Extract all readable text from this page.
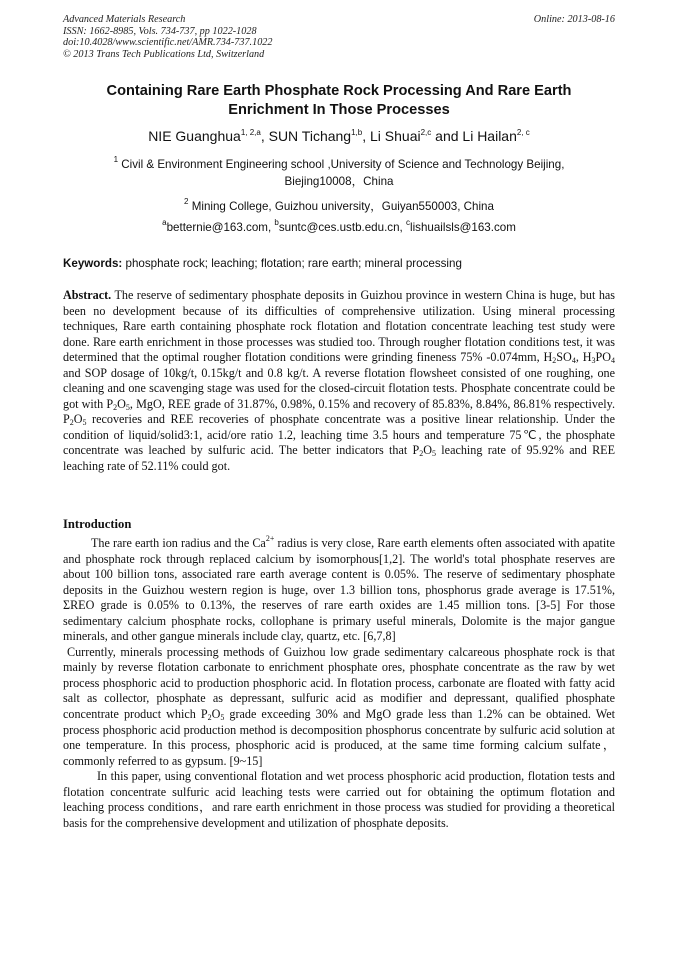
Advanced Materials Research
ISSN: 1662-8985, Vols. 734-737, pp 1022-1028
doi:10.4028/www.scientific.net/AMR.734-737.1022
© 2013 Trans Tech Publications Ltd, Switzerland
Online: 2013-08-16
Containing Rare Earth Phosphate Rock Processing And Rare Earth
Enrichment In Those Processes
NIE Guanghua$^{1, 2,a}$, SUN Tichang$^{1,b}$, Li Shuai$^{2,c}$ and Li Hailan$^{2, c}$
$^1$ Civil & Environment Engineering school ,University of Science and Technology Beijing,
Biejing10008，China
$^2$ Mining College, Guizhou university，Guiyan550003, China
$^a$betternie@163.com, $^b$suntc@ces.ustb.edu.cn, $^c$lishuailsls@163.com
Keywords: phosphate rock; leaching; flotation; rare earth; mineral processing
Abstract. The reserve of sedimentary phosphate deposits in Guizhou province in western China is huge, but has been no development because of its difficulties of comprehensive utilization. Using mineral processing techniques, Rare earth containing phosphate rock flotation and flotation concentrate leaching test study were done. Rare earth enrichment in those processes was studied too. Through rougher flotation conditions test, it was determined that the optimal rougher flotation conditions were grinding fineness 75% -0.074mm, $H_2SO_4$, $H_3PO_4$ and SOP dosage of 10kg/t, 0.15kg/t and 0.8 kg/t. A reverse flotation flowsheet consisted of one roughing, one cleaning and one scavenging stage was used for the closed-circuit flotation tests. Phosphate concentrate could be got with $P_2O_5$, MgO, REE grade of 31.87%, 0.98%, 0.15% and recovery of 85.83%, 8.84%, 86.81% respectively. $P_2O_5$ recoveries and REE recoveries of phosphate concentrate was a positive linear relationship. Under the condition of liquid/solid3:1, acid/ore ratio 1.2, leaching time 3.5 hours and temperature 75℃, the phosphate concentrate was leached by sulfuric acid. The better indicators that $P_2O_5$ leaching rate of 95.92% and REE leaching rate of 52.11% could got.
Introduction

The rare earth ion radius and the $Ca^{2+}$ radius is very close, Rare earth elements often associated with apatite and phosphate rock through replaced calcium by isomorphous[1,2]. The world's total phosphate reserves are about 100 billion tons, associated rare earth average content is 0.05%. The reserve of sedimentary phosphate deposits in the Guizhou western region is huge, over 1.3 billion tons, phosphorus grade average is 17.51%, ΣREO grade is 0.05% to 0.13%, the reserves of rare earth oxides are 1.45 million tons. [3-5] For those sedimentary calcium phosphate rocks, collophane is primary useful minerals, Dolomite is the major gangue minerals, and other gangue minerals include clay, quartz, etc. [6,7,8]

Currently, minerals processing methods of Guizhou low grade sedimentary calcareous phosphate rock is that mainly by reverse flotation carbonate to enrichment phosphate ores, phosphate concentrate as the raw by wet process phosphoric acid to production phosphoric acid. In flotation process, carbonate are floated with fatty acid salt as collector, phosphate as depressant, sulfuric acid as modifier and depressant, qualified phosphate concentrate product which $P_2O_5$ grade exceeding 30% and MgO grade less than 1.2% can be obtained. Wet process phosphoric acid production method is decomposition phosphorus concentrate by sulfuric acid solution at one temperature. In this process, phosphoric acid is produced, at the same time forming calcium sulfate，commonly referred to as gypsum. [9~15]

In this paper, using conventional flotation and wet process phosphoric acid production, flotation tests and flotation concentrate sulfuric acid leaching tests were carried out for obtaining the optimum flotation and leaching process conditions，and rare earth enrichment in those process was studied for providing a theoretical basis for the comprehensive development and utilization of phosphate deposits.
